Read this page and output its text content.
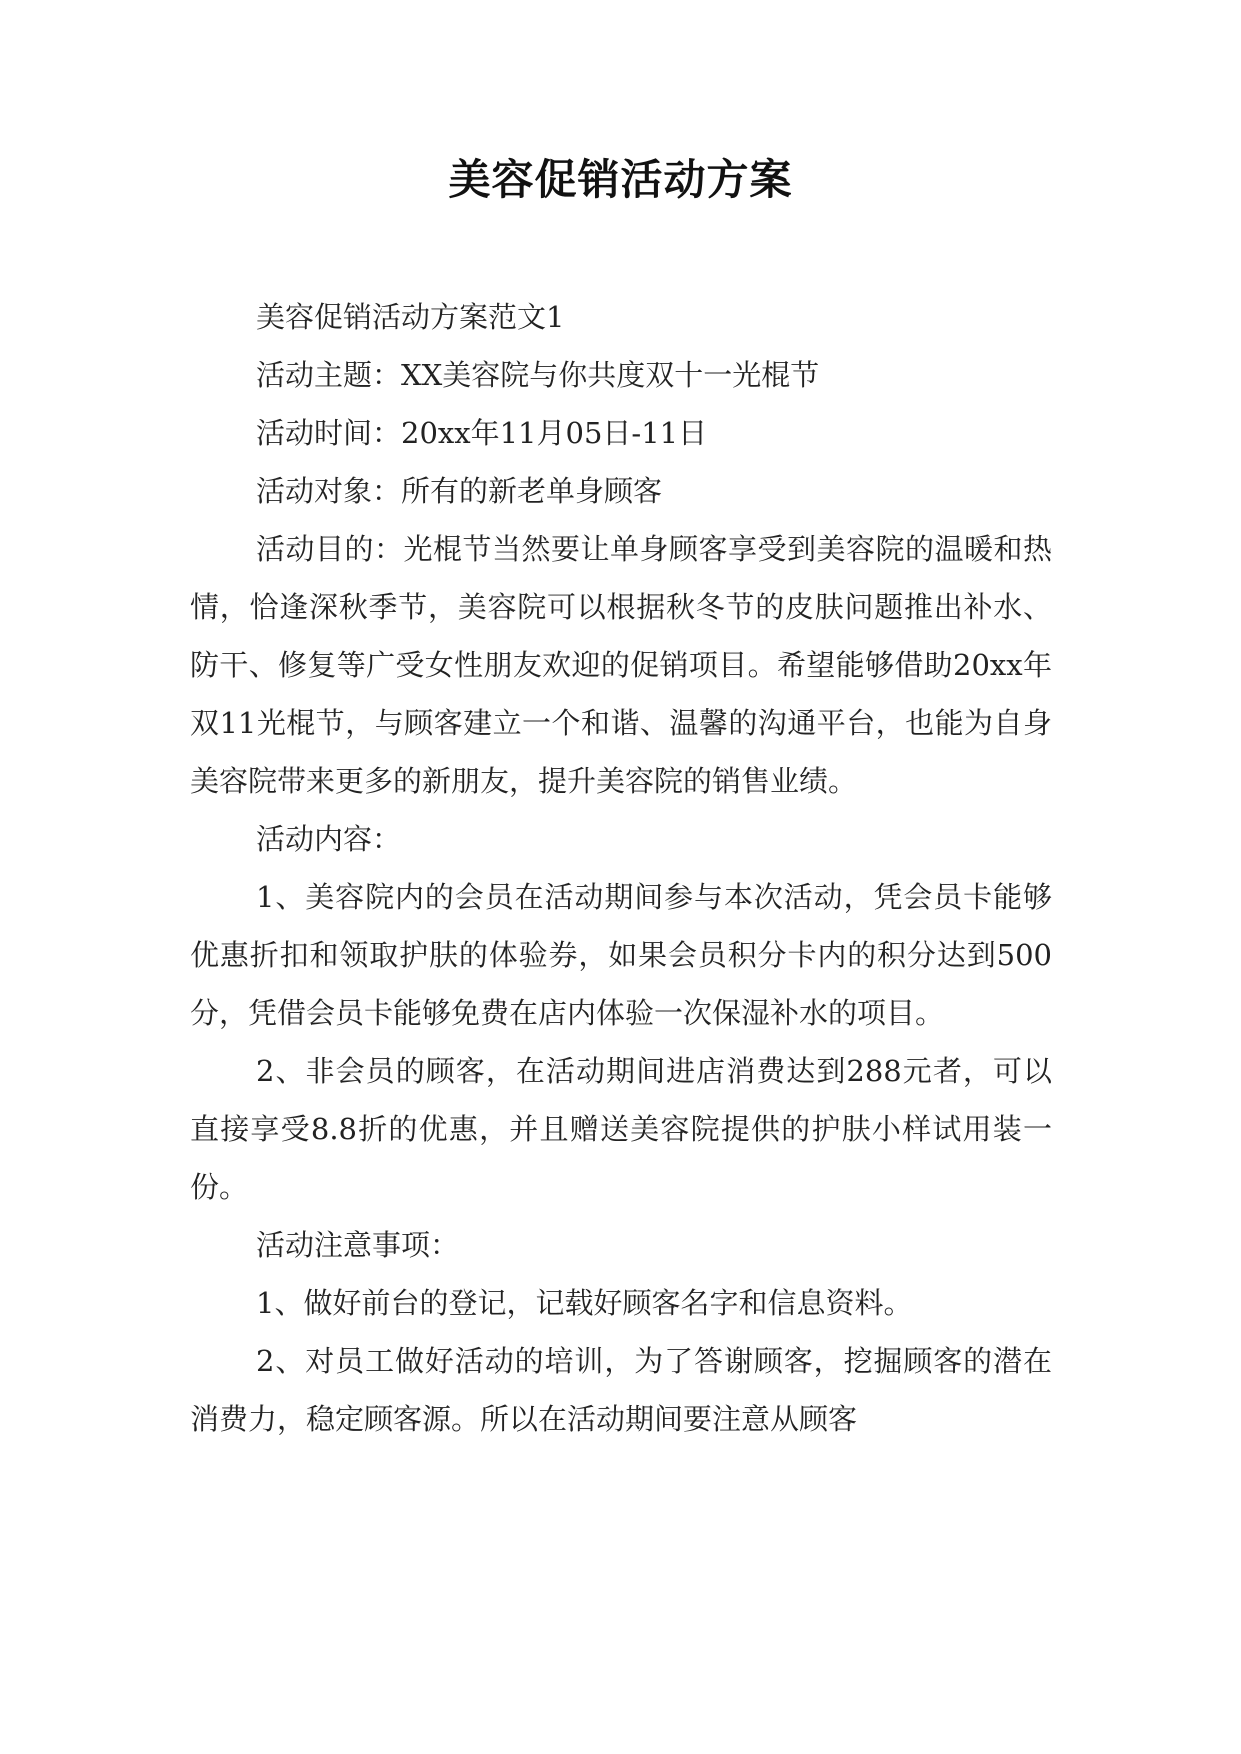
美容促销活动方案

美容促销活动方案范文1

活动主题：XX美容院与你共度双十一光棍节

活动时间：20xx年11月05日-11日

活动对象：所有的新老单身顾客

活动目的：光棍节当然要让单身顾客享受到美容院的温暖和热情，恰逢深秋季节，美容院可以根据秋冬节的皮肤问题推出补水、防干、修复等广受女性朋友欢迎的促销项目。希望能够借助20xx年双11光棍节，与顾客建立一个和谐、温馨的沟通平台，也能为自身美容院带来更多的新朋友，提升美容院的销售业绩。

活动内容：

1、美容院内的会员在活动期间参与本次活动，凭会员卡能够优惠折扣和领取护肤的体验券，如果会员积分卡内的积分达到500分，凭借会员卡能够免费在店内体验一次保湿补水的项目。

2、非会员的顾客，在活动期间进店消费达到288元者，可以直接享受8.8折的优惠，并且赠送美容院提供的护肤小样试用装一份。

活动注意事项：

1、做好前台的登记，记载好顾客名字和信息资料。

2、对员工做好活动的培训，为了答谢顾客，挖掘顾客的潜在消费力，稳定顾客源。所以在活动期间要注意从顾客
